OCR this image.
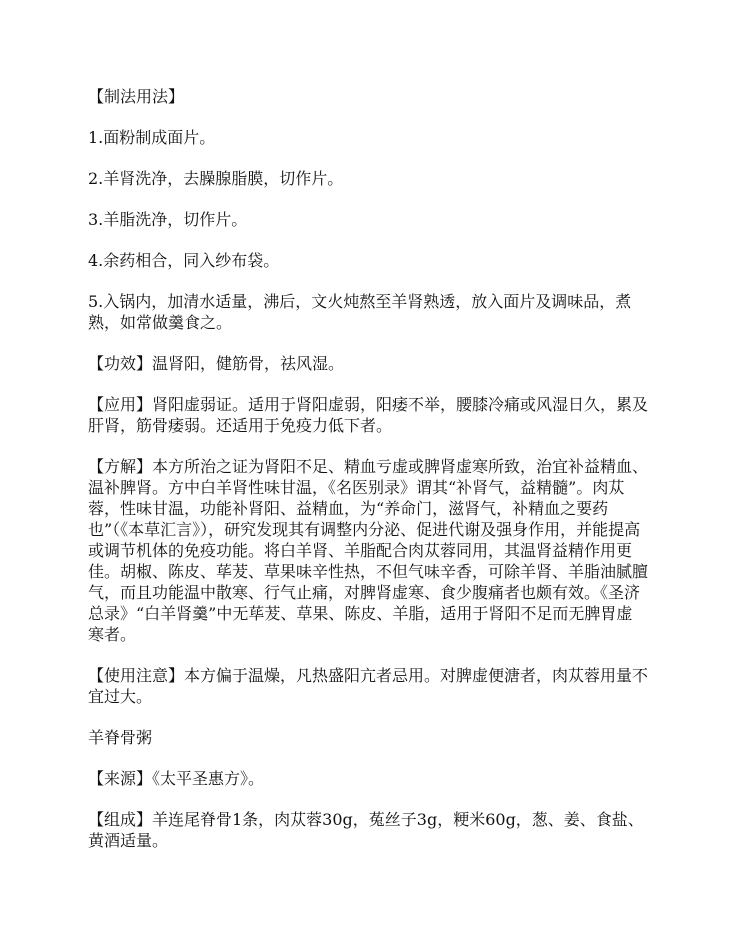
【制法用法】

1.面粉制成面片。

2.羊肾洗净，去臊腺脂膜，切作片。

3.羊脂洗净，切作片。

4.余药相合，同入纱布袋。

5.入锅内，加清水适量，沸后，文火炖熬至羊肾熟透，放入面片及调味品，煮熟，如常做羹食之。

【功效】温肾阳，健筋骨，祛风湿。

【应用】肾阳虚弱证。适用于肾阳虚弱，阳痿不举，腰膝冷痛或风湿日久，累及肝肾，筋骨痿弱。还适用于免疫力低下者。

【方解】本方所治之证为肾阳不足、精血亏虚或脾肾虚寒所致，治宜补益精血、温补脾肾。方中白羊肾性味甘温，《名医别录》谓其“补肾气，益精髓”。肉苁蓉，性味甘温，功能补肾阳、益精血，为“养命门，滋肾气，补精血之要药也”（《本草汇言》），研究发现其有调整内分泌、促进代谢及强身作用，并能提高或调节机体的免疫功能。将白羊肾、羊脂配合肉苁蓉同用，其温肾益精作用更佳。胡椒、陈皮、荜茇、草果味辛性热，不但气味辛香，可除羊肾、羊脂油腻膻气，而且功能温中散寒、行气止痛，对脾肾虚寒、食少腹痛者也颇有效。《圣济总录》“白羊肾羹”中无荜茇、草果、陈皮、羊脂，适用于肾阳不足而无脾胃虚寒者。

【使用注意】本方偏于温燥，凡热盛阳亢者忌用。对脾虚便溏者，肉苁蓉用量不宜过大。

羊脊骨粥

【来源】《太平圣惠方》。

【组成】羊连尾脊骨1条，肉苁蓉30g，菟丝子3g，粳米60g，葱、姜、食盐、黄酒适量。
